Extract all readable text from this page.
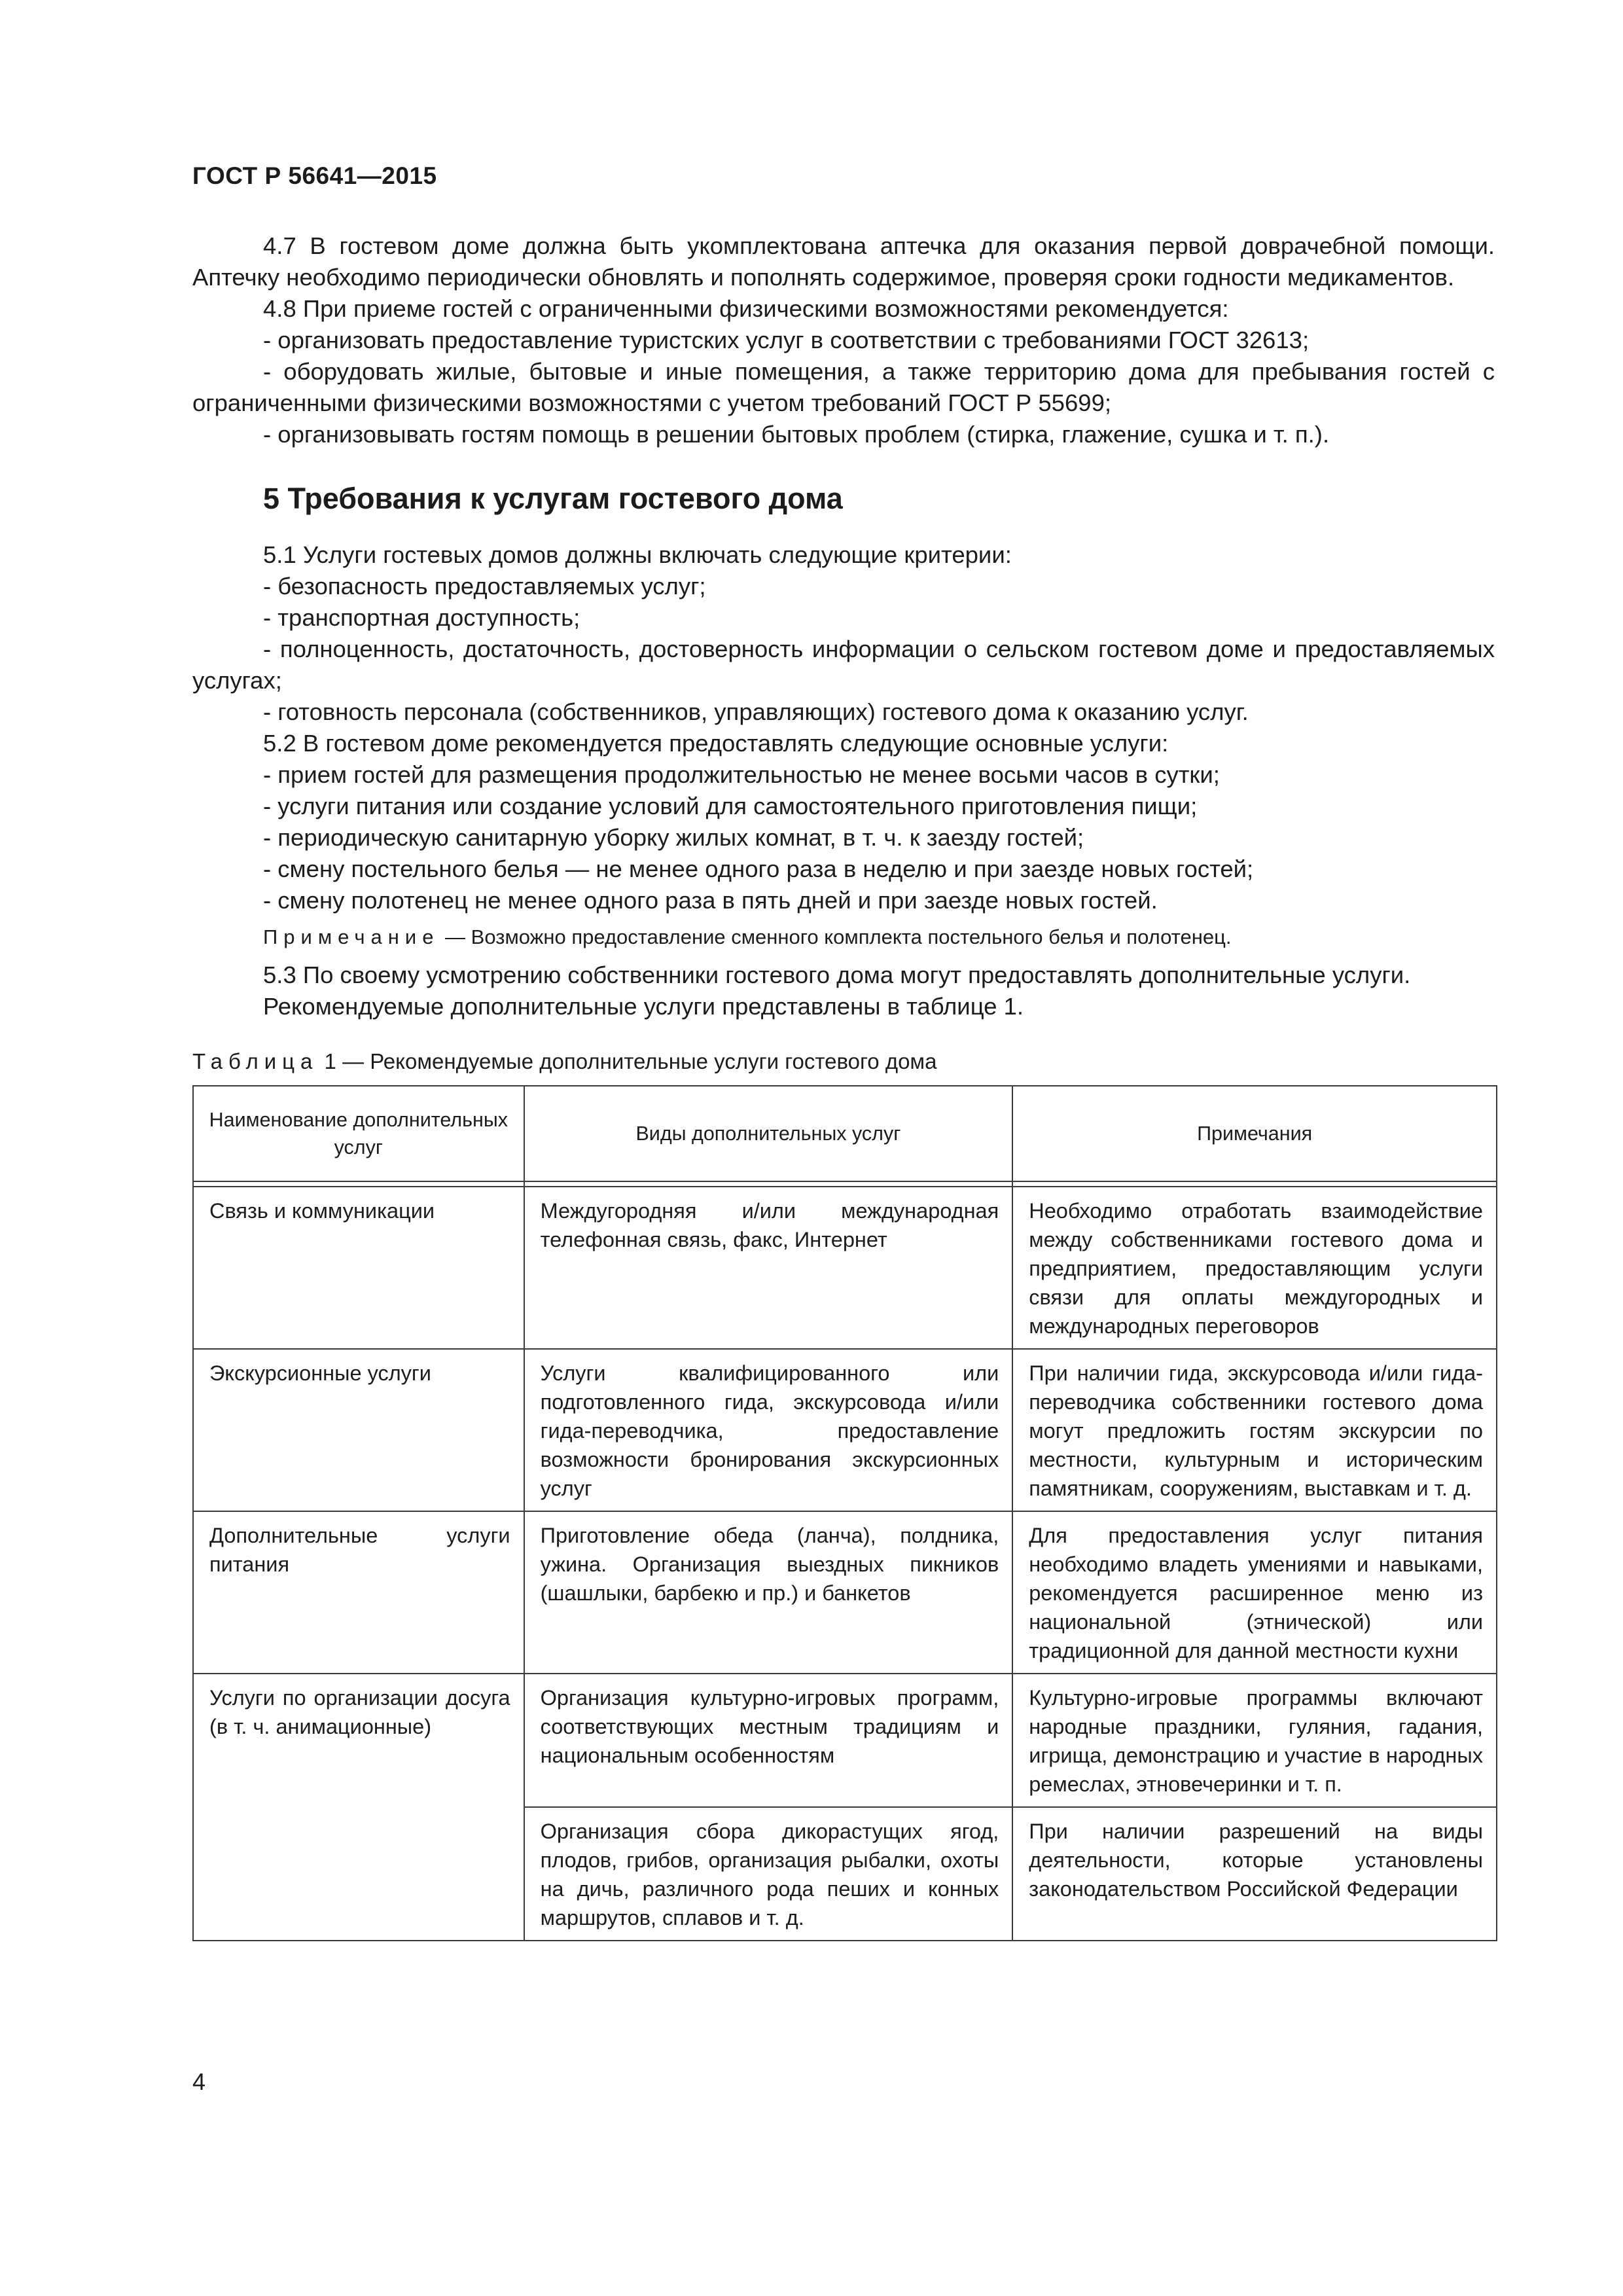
ГОСТ Р 56641—2015

4.7 В гостевом доме должна быть укомплектована аптечка для оказания первой доврачебной помощи. Аптечку необходимо периодически обновлять и пополнять содержимое, проверяя сроки годности медикаментов.

4.8 При приеме гостей с ограниченными физическими возможностями рекомендуется:

- организовать предоставление туристских услуг в соответствии с требованиями ГОСТ 32613;

- оборудовать жилые, бытовые и иные помещения, а также территорию дома для пребывания гостей с ограниченными физическими возможностями с учетом требований ГОСТ Р 55699;

- организовывать гостям помощь в решении бытовых проблем (стирка, глажение, сушка и т. п.).

5 Требования к услугам гостевого дома

5.1 Услуги гостевых домов должны включать следующие критерии:

- безопасность предоставляемых услуг;

- транспортная доступность;

- полноценность, достаточность, достоверность информации о сельском гостевом доме и предоставляемых услугах;

- готовность персонала (собственников, управляющих) гостевого дома к оказанию услуг.

5.2 В гостевом доме рекомендуется предоставлять следующие основные услуги:

- прием гостей для размещения продолжительностью не менее восьми часов в сутки;

- услуги питания или создание условий для самостоятельного приготовления пищи;

- периодическую санитарную уборку жилых комнат, в т. ч. к заезду гостей;

- смену постельного белья — не менее одного раза в неделю и при заезде новых гостей;

- смену полотенец не менее одного раза в пять дней и при заезде новых гостей.

Примечание — Возможно предоставление сменного комплекта постельного белья и полотенец.

5.3 По своему усмотрению собственники гостевого дома могут предоставлять дополнительные услуги.

Рекомендуемые дополнительные услуги представлены в таблице 1.

Таблица 1 — Рекомендуемые дополнительные услуги гостевого дома

Наименование дополнительных услуг	Виды дополнительных услуг	Примечания

Связь и коммуникации	Междугородняя и/или международная телефонная связь, факс, Интернет	Необходимо отработать взаимодействие между собственниками гостевого дома и предприятием, предоставляющим услуги связи для оплаты междугородных и международных переговоров
Экскурсионные услуги	Услуги квалифицированного или подготовленного гида, экскурсовода и/или гида-переводчика, предоставление возможности бронирования экскурсионных услуг	При наличии гида, экскурсовода и/или гида-переводчика собственники гостевого дома могут предложить гостям экскурсии по местности, культурным и историческим памятникам, сооружениям, выставкам и т. д.
Дополнительные услуги питания	Приготовление обеда (ланча), полдника, ужина. Организация выездных пикников (шашлыки, барбекю и пр.) и банкетов	Для предоставления услуг питания необходимо владеть умениями и навыками, рекомендуется расширенное меню из национальной (этнической) или традиционной для данной местности кухни
Услуги по организации досуга (в т. ч. анимационные)	Организация культурно-игровых программ, соответствующих местным традициям и национальным особенностям	Культурно-игровые программы включают народные праздники, гуляния, гадания, игрища, демонстрацию и участие в народных ремеслах, этновечеринки и т. п.
	Организация сбора дикорастущих ягод, плодов, грибов, организация рыбалки, охоты на дичь, различного рода пеших и конных маршрутов, сплавов и т. д.	При наличии разрешений на виды деятельности, которые установлены законодательством Российской Федерации
4
